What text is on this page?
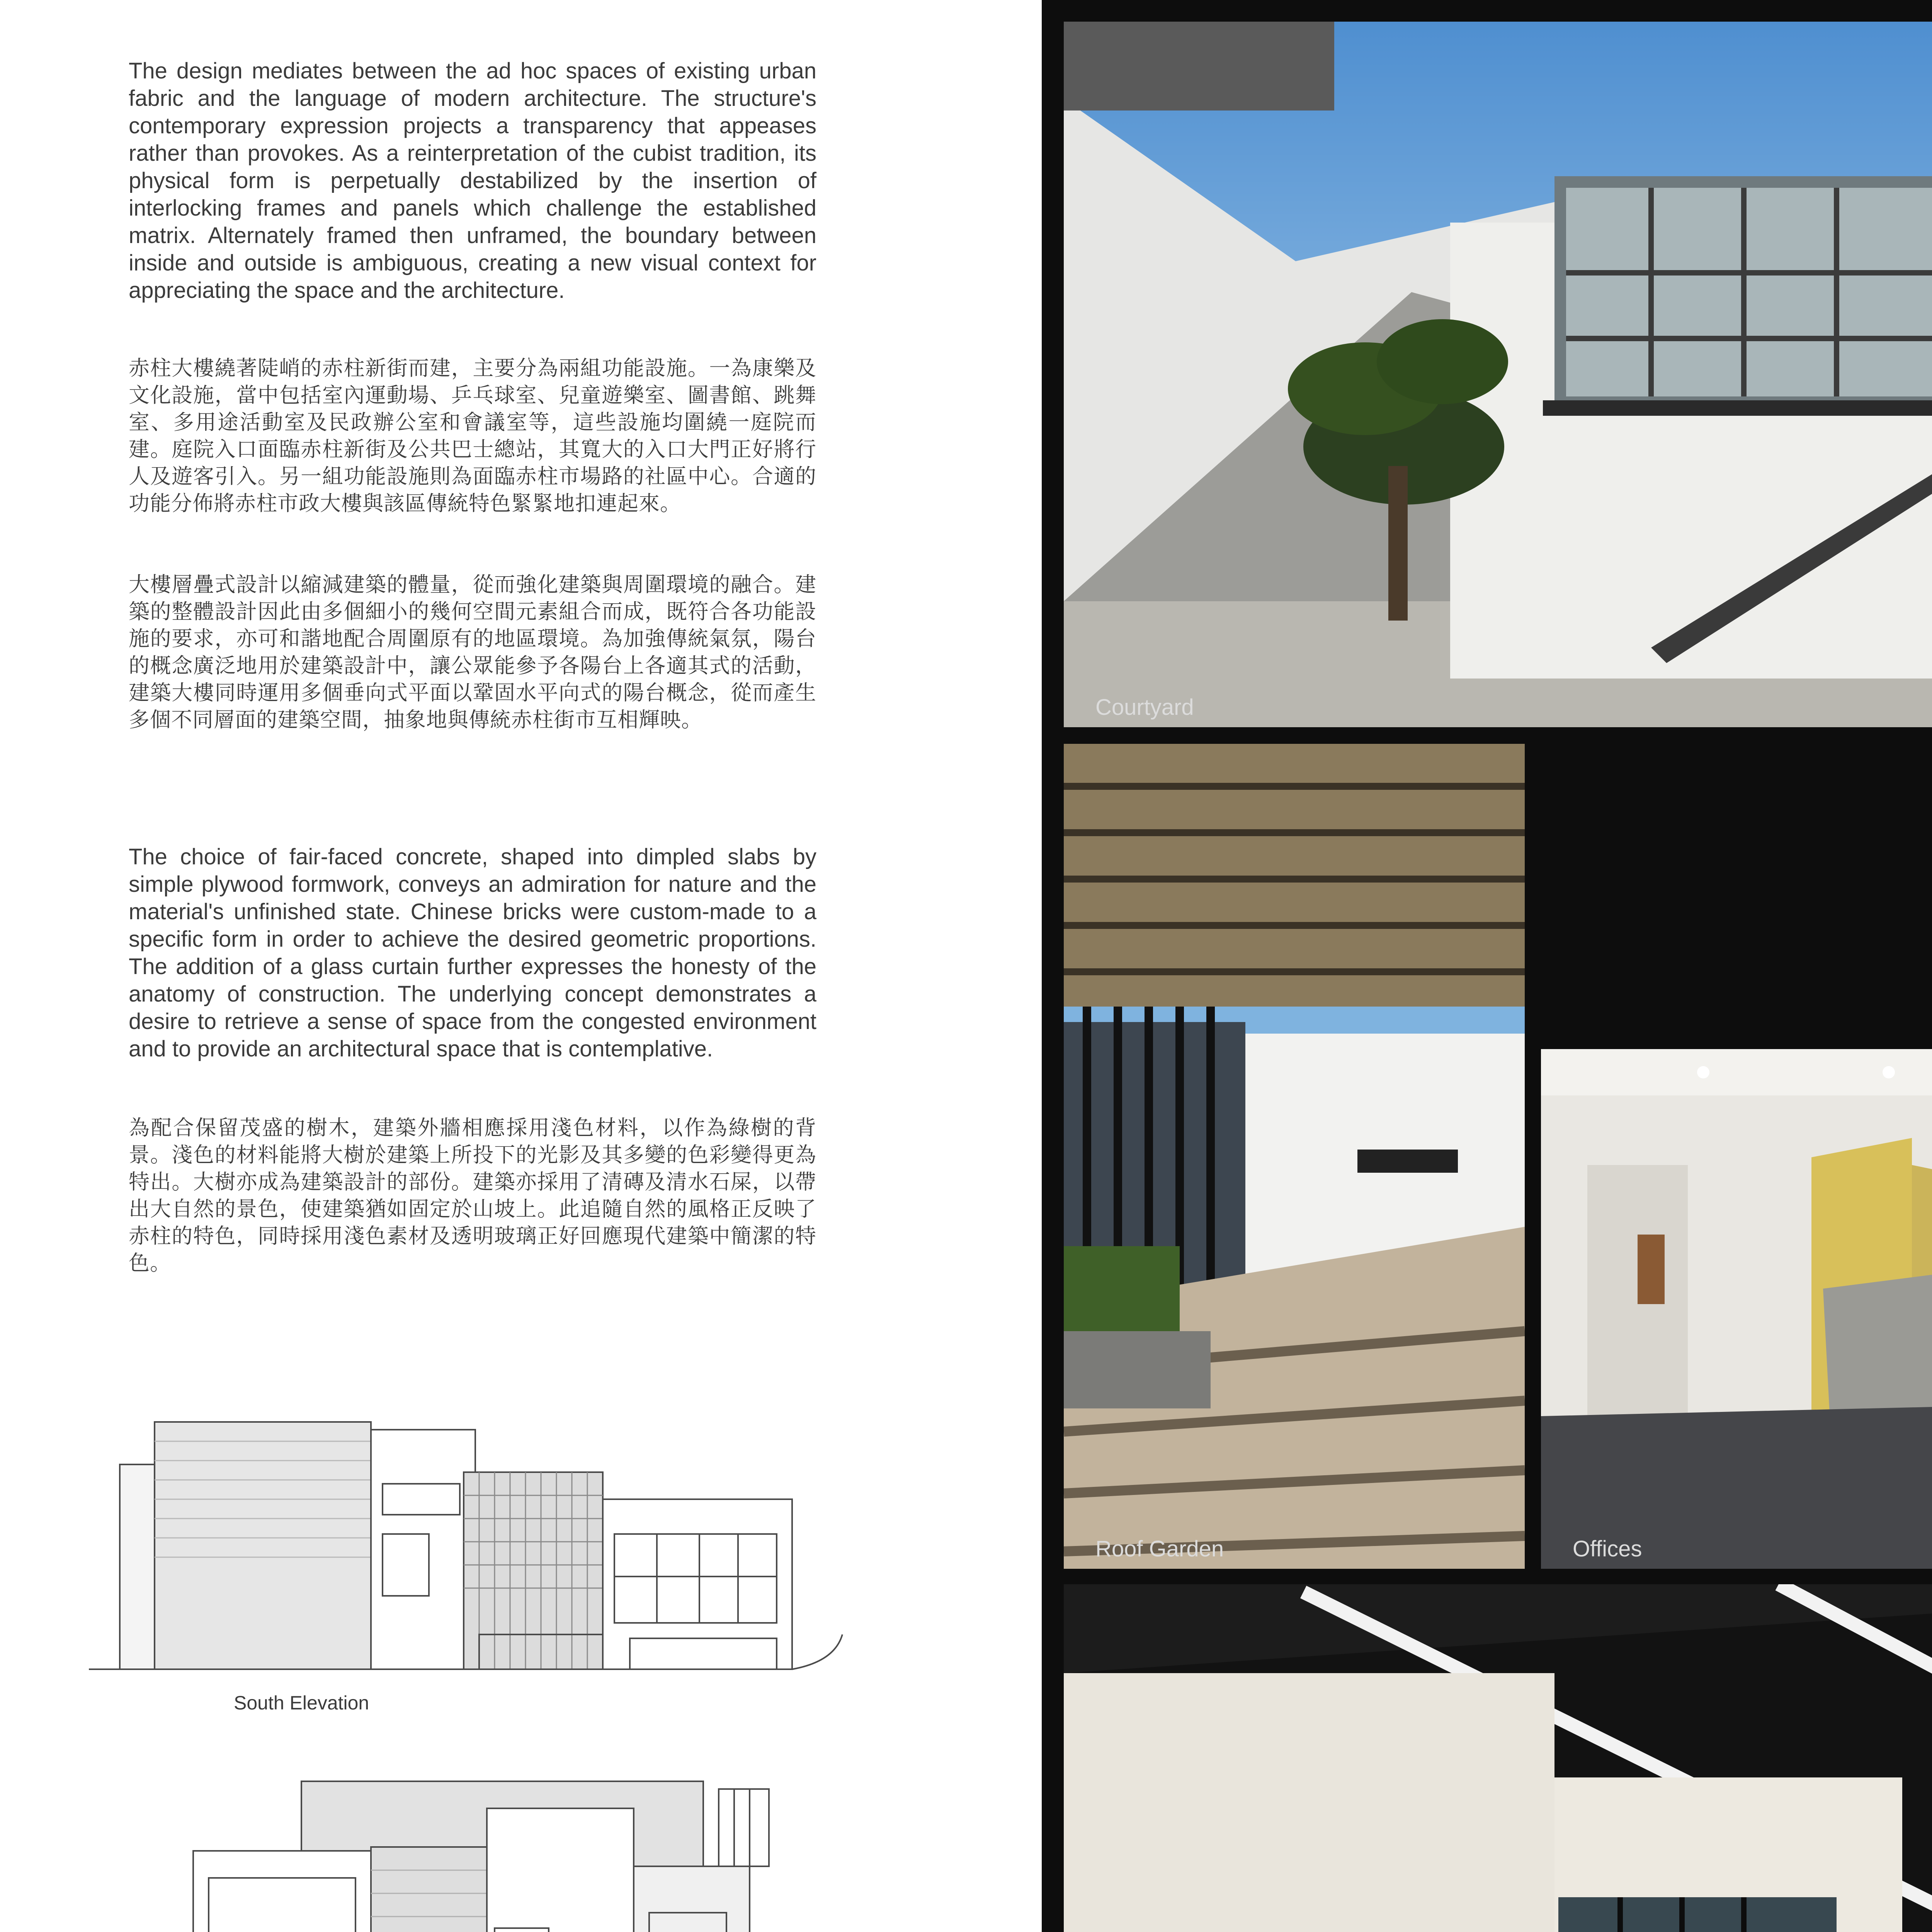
The design mediates between the ad hoc spaces of existing urban fabric and the language of modern architecture. The structure's contemporary expression projects a transparency that appeases rather than provokes. As a reinterpretation of the cubist tradition, its physical form is perpetually destabilized by the insertion of interlocking frames and panels which challenge the established matrix. Alternately framed then unframed, the boundary between inside and outside is ambiguous, creating a new visual context for appreciating the space and the architecture.
赤柱大樓繞著陡峭的赤柱新街而建，主要分為兩組功能設施。一為康樂及文化設施，當中包括室內運動場、乒乓球室、兒童遊樂室、圖書館、跳舞室、多用途活動室及民政辦公室和會議室等，這些設施均圍繞一庭院而建。庭院入口面臨赤柱新街及公共巴士總站，其寬大的入口大門正好將行人及遊客引入。另一組功能設施則為面臨赤柱市場路的社區中心。合適的功能分佈將赤柱市政大樓與該區傳統特色緊緊地扣連起來。
大樓層疊式設計以縮減建築的體量，從而強化建築與周圍環境的融合。建築的整體設計因此由多個細小的幾何空間元素組合而成，既符合各功能設施的要求，亦可和諧地配合周圍原有的地區環境。為加強傳統氣氛，陽台的概念廣泛地用於建築設計中，讓公眾能參予各陽台上各適其式的活動，建築大樓同時運用多個垂向式平面以鞏固水平向式的陽台概念，從而產生多個不同層面的建築空間，抽象地與傳統赤柱街市互相輝映。
The choice of fair-faced concrete, shaped into dimpled slabs by simple plywood formwork, conveys an admiration for nature and the material's unfinished state. Chinese bricks were custom-made to a specific form in order to achieve the desired geometric proportions. The addition of a glass curtain further expresses the honesty of the anatomy of construction. The underlying concept demonstrates a desire to retrieve a sense of space from the congested environment and to provide an architectural space that is contemplative.
為配合保留茂盛的樹木，建築外牆相應採用淺色材料，以作為綠樹的背景。淺色的材料能將大樹於建築上所投下的光影及其多變的色彩變得更為特出。大樹亦成為建築設計的部份。建築亦採用了清磚及清水石屎，以帶出大自然的景色，使建築猶如固定於山坡上。此追隨自然的風格正反映了赤柱的特色，同時採用淺色素材及透明玻璃正好回應現代建築中簡潔的特色。
South Elevation
Courtyard
Roof Garden	Offices
